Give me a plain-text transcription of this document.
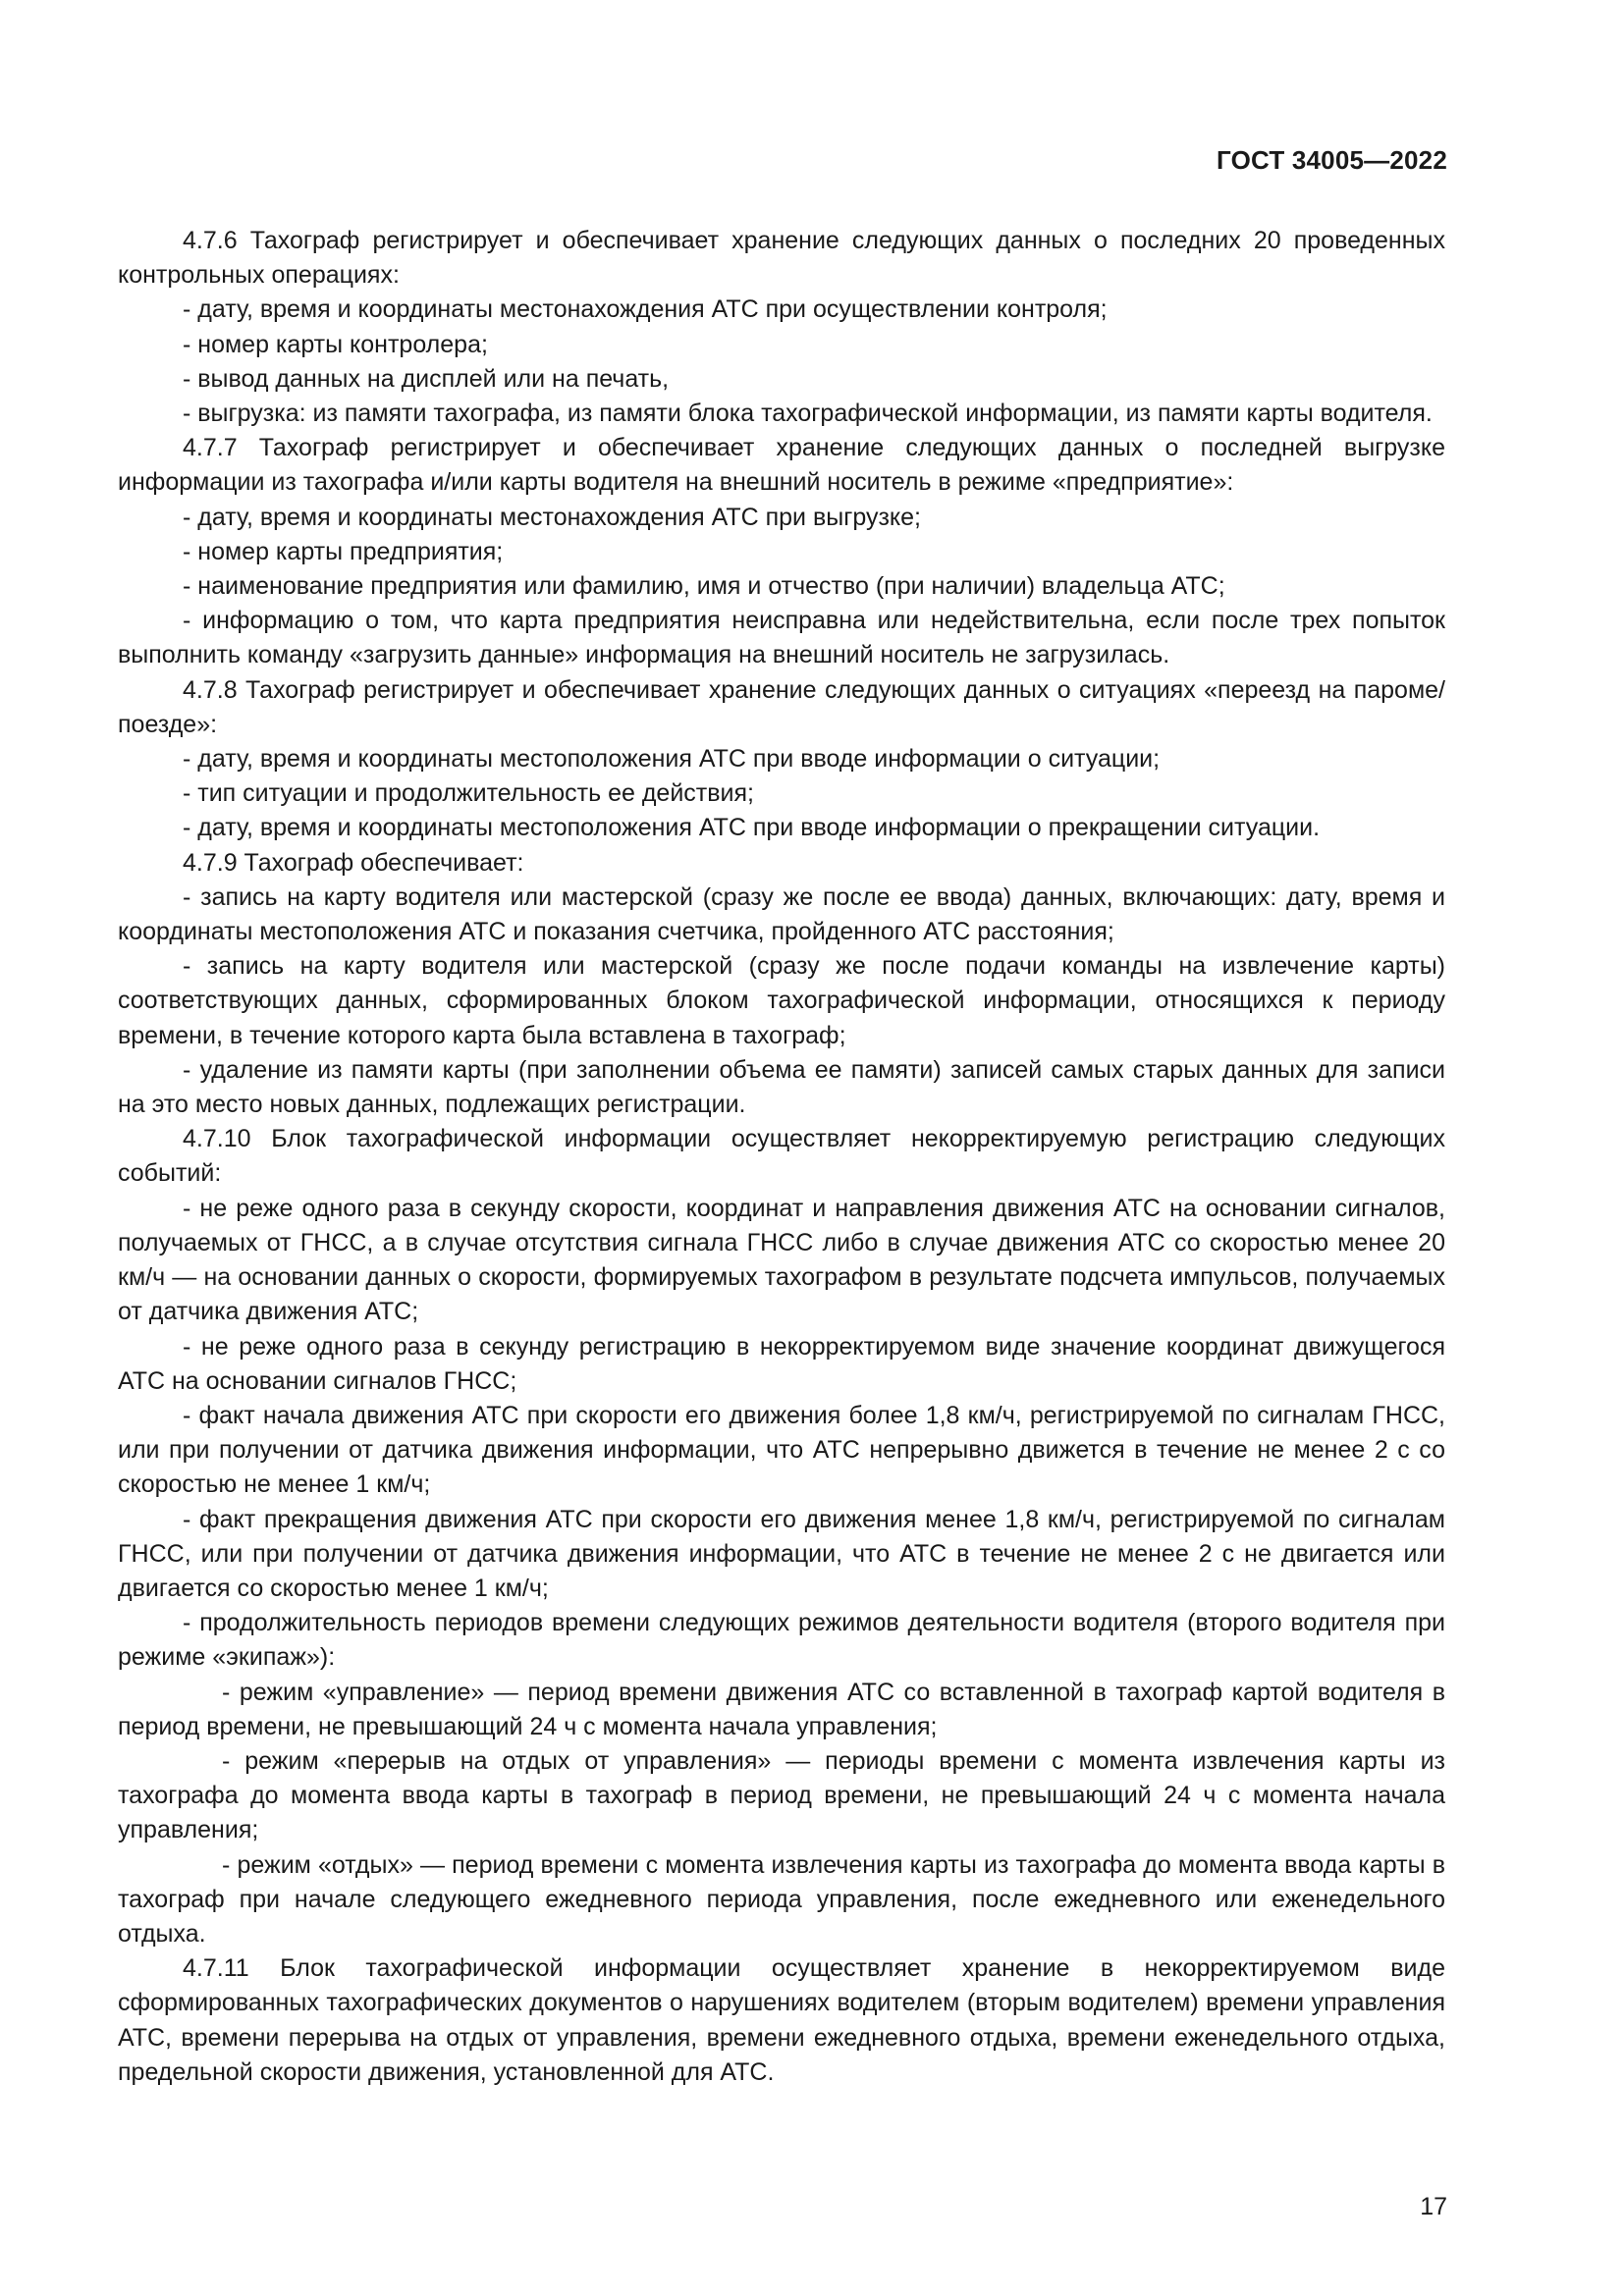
ГОСТ 34005—2022

4.7.6 Тахограф регистрирует и обеспечивает хранение следующих данных о последних 20 проведенных контрольных операциях:

- дату, время и координаты местонахождения АТС при осуществлении контроля;

- номер карты контролера;

- вывод данных на дисплей или на печать,

- выгрузка: из памяти тахографа, из памяти блока тахографической информации, из памяти карты водителя.

4.7.7 Тахограф регистрирует и обеспечивает хранение следующих данных о последней выгрузке информации из тахографа и/или карты водителя на внешний носитель в режиме «предприятие»:

- дату, время и координаты местонахождения АТС при выгрузке;

- номер карты предприятия;

- наименование предприятия или фамилию, имя и отчество (при наличии) владельца АТС;

- информацию о том, что карта предприятия неисправна или недействительна, если после трех попыток выполнить команду «загрузить данные» информация на внешний носитель не загрузилась.

4.7.8 Тахограф регистрирует и обеспечивает хранение следующих данных о ситуациях «переезд на пароме/поезде»:

- дату, время и координаты местоположения АТС при вводе информации о ситуации;

- тип ситуации и продолжительность ее действия;

- дату, время и координаты местоположения АТС при вводе информации о прекращении ситуации.

4.7.9 Тахограф обеспечивает:

- запись на карту водителя или мастерской (сразу же после ее ввода) данных, включающих: дату, время и координаты местоположения АТС и показания счетчика, пройденного АТС расстояния;

- запись на карту водителя или мастерской (сразу же после подачи команды на извлечение карты) соответствующих данных, сформированных блоком тахографической информации, относящихся к периоду времени, в течение которого карта была вставлена в тахограф;

- удаление из памяти карты (при заполнении объема ее памяти) записей самых старых данных для записи на это место новых данных, подлежащих регистрации.

4.7.10 Блок тахографической информации осуществляет некорректируемую регистрацию следующих событий:

- не реже одного раза в секунду скорости, координат и направления движения АТС на основании сигналов, получаемых от ГНСС, а в случае отсутствия сигнала ГНСС либо в случае движения АТС со скоростью менее 20 км/ч — на основании данных о скорости, формируемых тахографом в результате подсчета импульсов, получаемых от датчика движения АТС;

- не реже одного раза в секунду регистрацию в некорректируемом виде значение координат движущегося АТС на основании сигналов ГНСС;

- факт начала движения АТС при скорости его движения более 1,8 км/ч, регистрируемой по сигналам ГНСС, или при получении от датчика движения информации, что АТС непрерывно движется в течение не менее 2 с со скоростью не менее 1 км/ч;

- факт прекращения движения АТС при скорости его движения менее 1,8 км/ч, регистрируемой по сигналам ГНСС, или при получении от датчика движения информации, что АТС в течение не менее 2 с не двигается или двигается со скоростью менее 1 км/ч;

- продолжительность периодов времени следующих режимов деятельности водителя (второго водителя при режиме «экипаж»):

- режим «управление» — период времени движения АТС со вставленной в тахограф картой водителя в период времени, не превышающий 24 ч с момента начала управления;

- режим «перерыв на отдых от управления» — периоды времени с момента извлечения карты из тахографа до момента ввода карты в тахограф в период времени, не превышающий 24 ч с момента начала управления;

- режим «отдых» — период времени с момента извлечения карты из тахографа до момента ввода карты в тахограф при начале следующего ежедневного периода управления, после ежедневного или еженедельного отдыха.

4.7.11 Блок тахографической информации осуществляет хранение в некорректируемом виде сформированных тахографических документов о нарушениях водителем (вторым водителем) времени управления АТС, времени перерыва на отдых от управления, времени ежедневного отдыха, времени еженедельного отдыха, предельной скорости движения, установленной для АТС.

17
